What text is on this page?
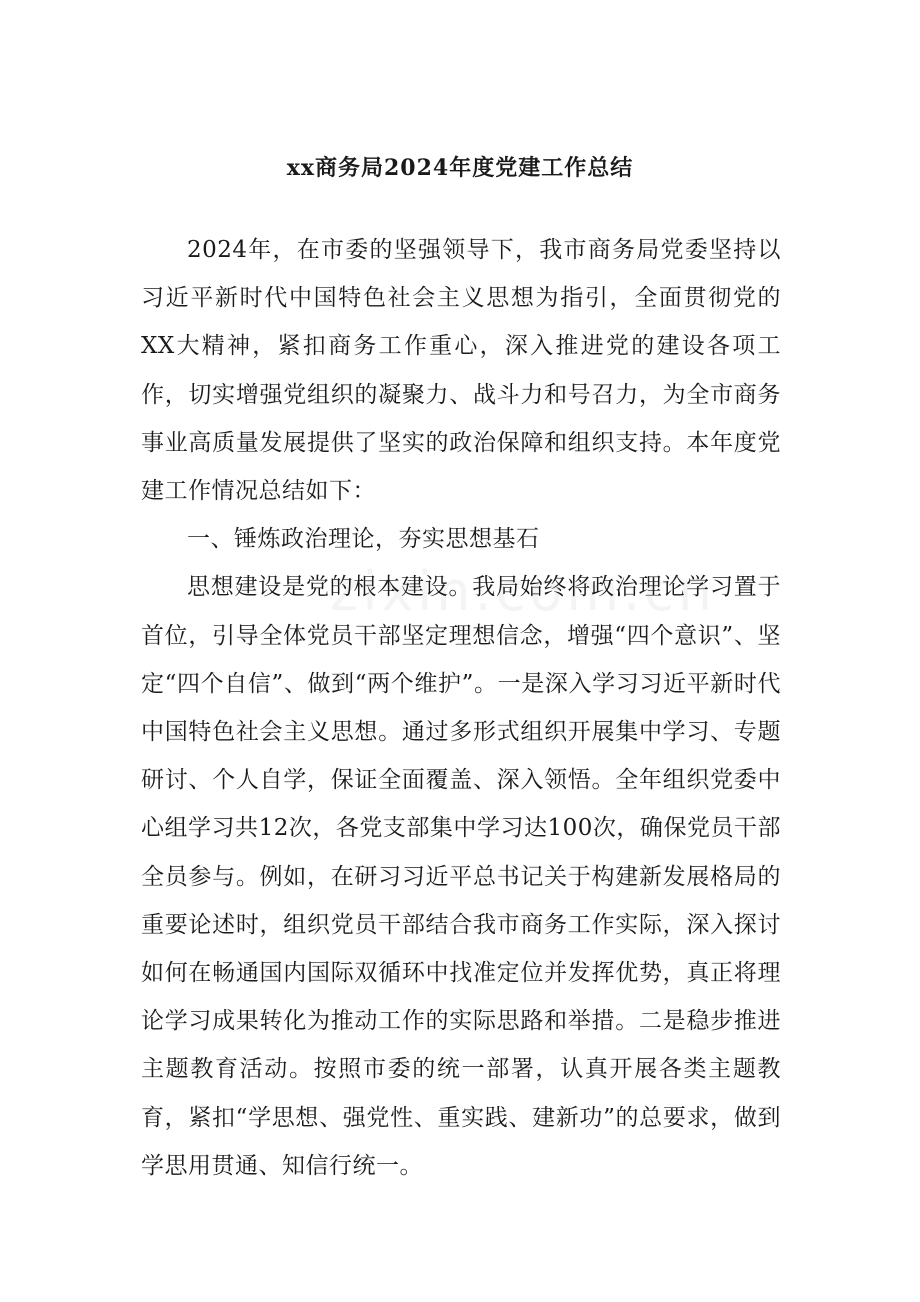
xx商务局2024年度党建工作总结

2024年，在市委的坚强领导下，我市商务局党委坚持以习近平新时代中国特色社会主义思想为指引，全面贯彻党的XX大精神，紧扣商务工作重心，深入推进党的建设各项工作，切实增强党组织的凝聚力、战斗力和号召力，为全市商务事业高质量发展提供了坚实的政治保障和组织支持。本年度党建工作情况总结如下：

一、锤炼政治理论，夯实思想基石

思想建设是党的根本建设。我局始终将政治理论学习置于首位，引导全体党员干部坚定理想信念，增强“四个意识”、坚定“四个自信”、做到“两个维护”。一是深入学习习近平新时代中国特色社会主义思想。通过多形式组织开展集中学习、专题研讨、个人自学，保证全面覆盖、深入领悟。全年组织党委中心组学习共12次，各党支部集中学习达100次，确保党员干部全员参与。例如，在研习习近平总书记关于构建新发展格局的重要论述时，组织党员干部结合我市商务工作实际，深入探讨如何在畅通国内国际双循环中找准定位并发挥优势，真正将理论学习成果转化为推动工作的实际思路和举措。二是稳步推进主题教育活动。按照市委的统一部署，认真开展各类主题教育，紧扣“学思想、强党性、重实践、建新功”的总要求，做到学思用贯通、知信行统一。
